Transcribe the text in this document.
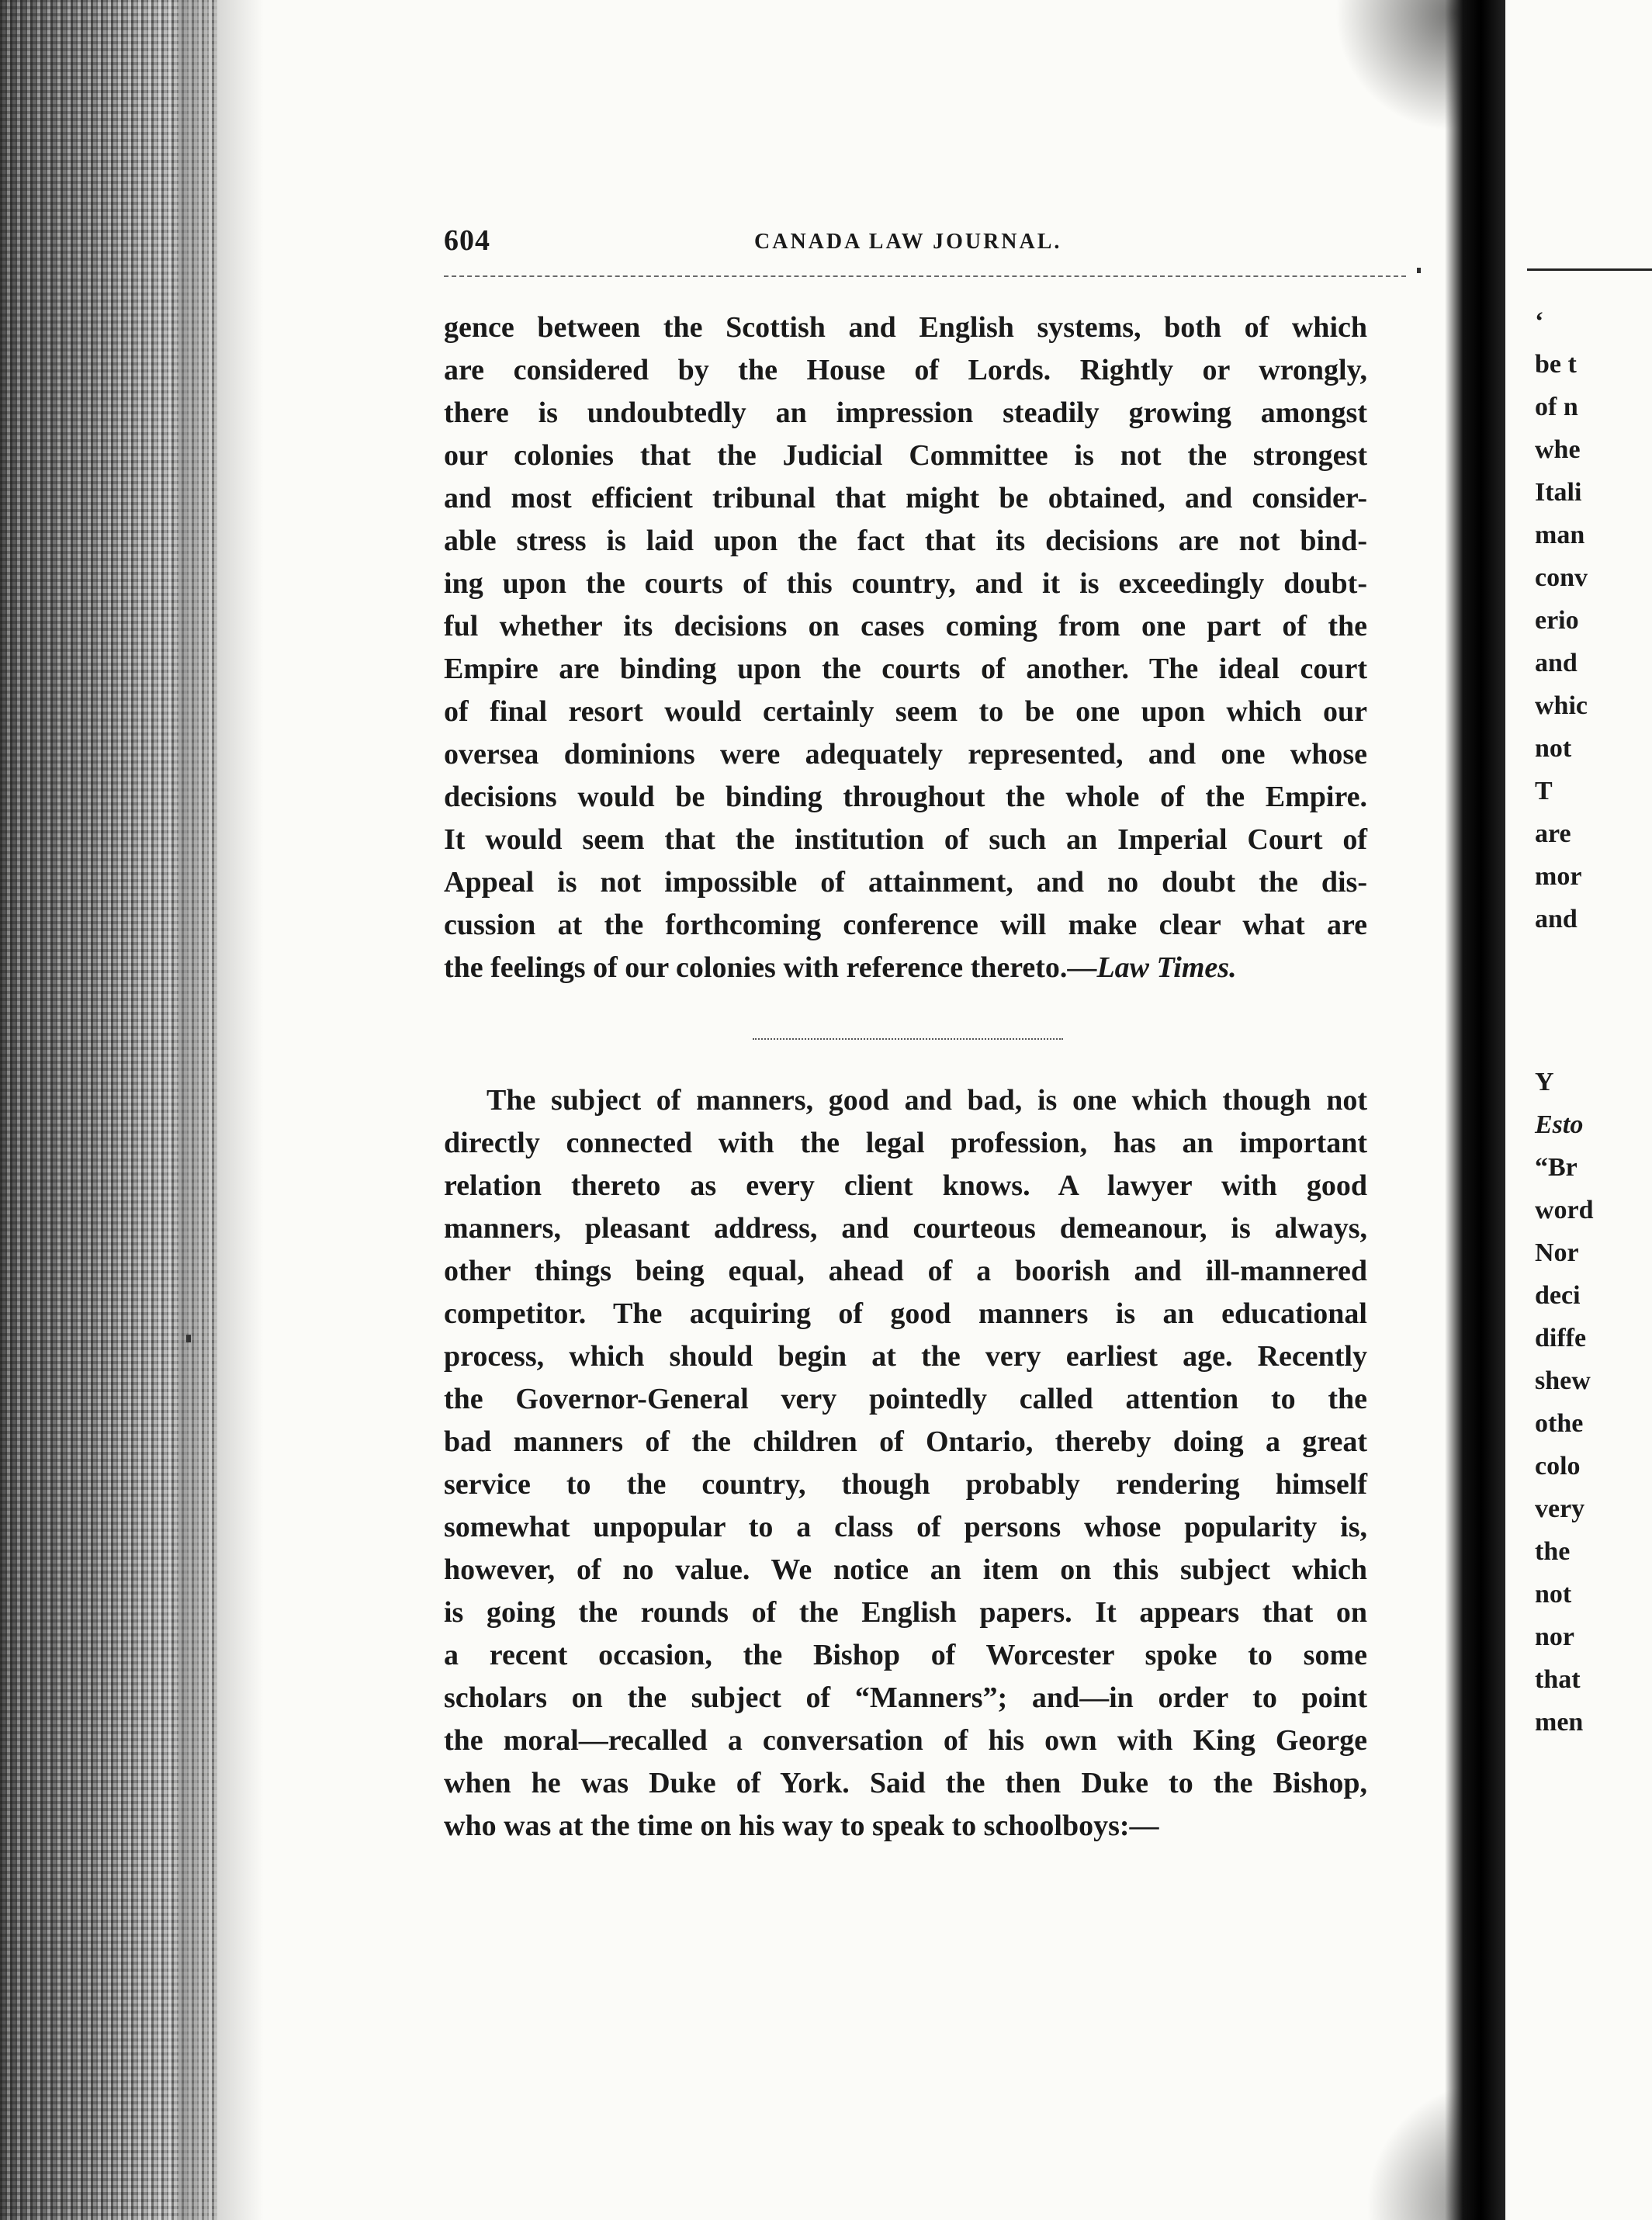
604	CANADA LAW JOURNAL.
gence between the Scottish and English systems, both of which
are considered by the House of Lords. Rightly or wrongly,
there is undoubtedly an impression steadily growing amongst
our colonies that the Judicial Committee is not the strongest
and most efficient tribunal that might be obtained, and consider-
able stress is laid upon the fact that its decisions are not bind-
ing upon the courts of this country, and it is exceedingly doubt-
ful whether its decisions on cases coming from one part of the
Empire are binding upon the courts of another. The ideal court
of final resort would certainly seem to be one upon which our
oversea dominions were adequately represented, and one whose
decisions would be binding throughout the whole of the Empire.
It would seem that the institution of such an Imperial Court of
Appeal is not impossible of attainment, and no doubt the dis-
cussion at the forthcoming conference will make clear what are
the feelings of our colonies with reference thereto.—Law Times.
The subject of manners, good and bad, is one which though not
directly connected with the legal profession, has an important
relation thereto as every client knows. A lawyer with good
manners, pleasant address, and courteous demeanour, is always,
other things being equal, ahead of a boorish and ill-mannered
competitor. The acquiring of good manners is an educational
process, which should begin at the very earliest age. Recently
the Governor-General very pointedly called attention to the
bad manners of the children of Ontario, thereby doing a great
service to the country, though probably rendering himself
somewhat unpopular to a class of persons whose popularity is,
however, of no value. We notice an item on this subject which
is going the rounds of the English papers. It appears that on
a recent occasion, the Bishop of Worcester spoke to some
scholars on the subject of “Manners”; and—in order to point
the moral—recalled a conversation of his own with King George
when he was Duke of York. Said the then Duke to the Bishop,
who was at the time on his way to speak to schoolboys:—
‘
be t
of n
whe
Itali
man
conv
erio
and
whic
not
T
are
mor
and
Y
Esto
“Br
word
Nor
deci
diffe
shew
othe
colo
very
the
not
nor
that
men
